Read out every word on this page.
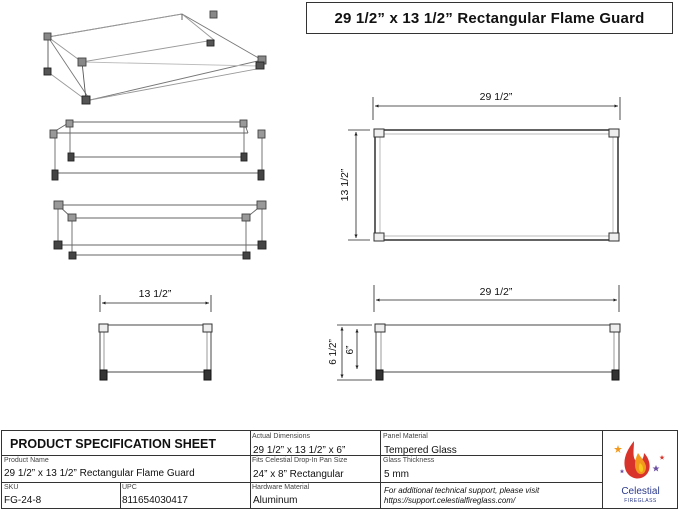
29 1/2”
13 1/2”
13 1/2”	29 1/2”
6 1/2” 6”
29 1/2” x 13 1/2” Rectangular Flame Guard
PRODUCT SPECIFICATION SHEET
Product Name
29 1/2” x 13 1/2” Rectangular Flame Guard
SKU
FG-24-8
UPC
811654030417
Actual Dimensions
29 1/2” x 13 1/2” x 6”
Fits Celestial Drop-In Pan Size
24” x 8” Rectangular
Hardware Material
Aluminum
Panel Material
Tempered Glass
Glass Thickness
5 mm
For additional technical support, please visit
https://support.celestialfireglass.com/
Celestial
FIREGLASS
